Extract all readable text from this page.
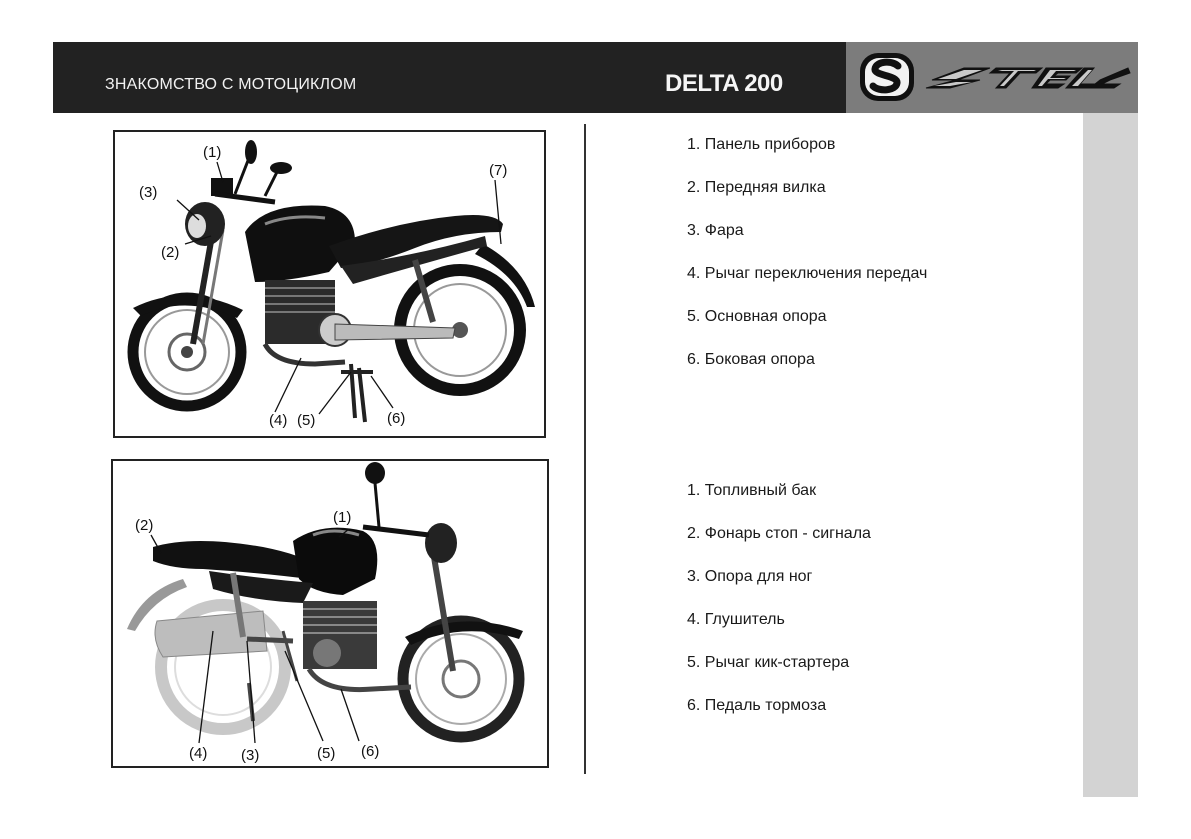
ЗНАКОМСТВО С МОТОЦИКЛОМ	DELTA 200
(1)
(2)
(3)
(4) (5)	(6)
(7)
(1)
(2)
(3)
(4)	(5) (6)
1. Панель приборов
2. Передняя вилка
3. Фара
4. Рычаг переключения передач
5. Основная опора
6. Боковая опора
1. Топливный бак
2. Фонарь стоп - сигнала
3. Опора для ног
4. Глушитель
5. Рычаг кик-стартера
6. Педаль тормоза
